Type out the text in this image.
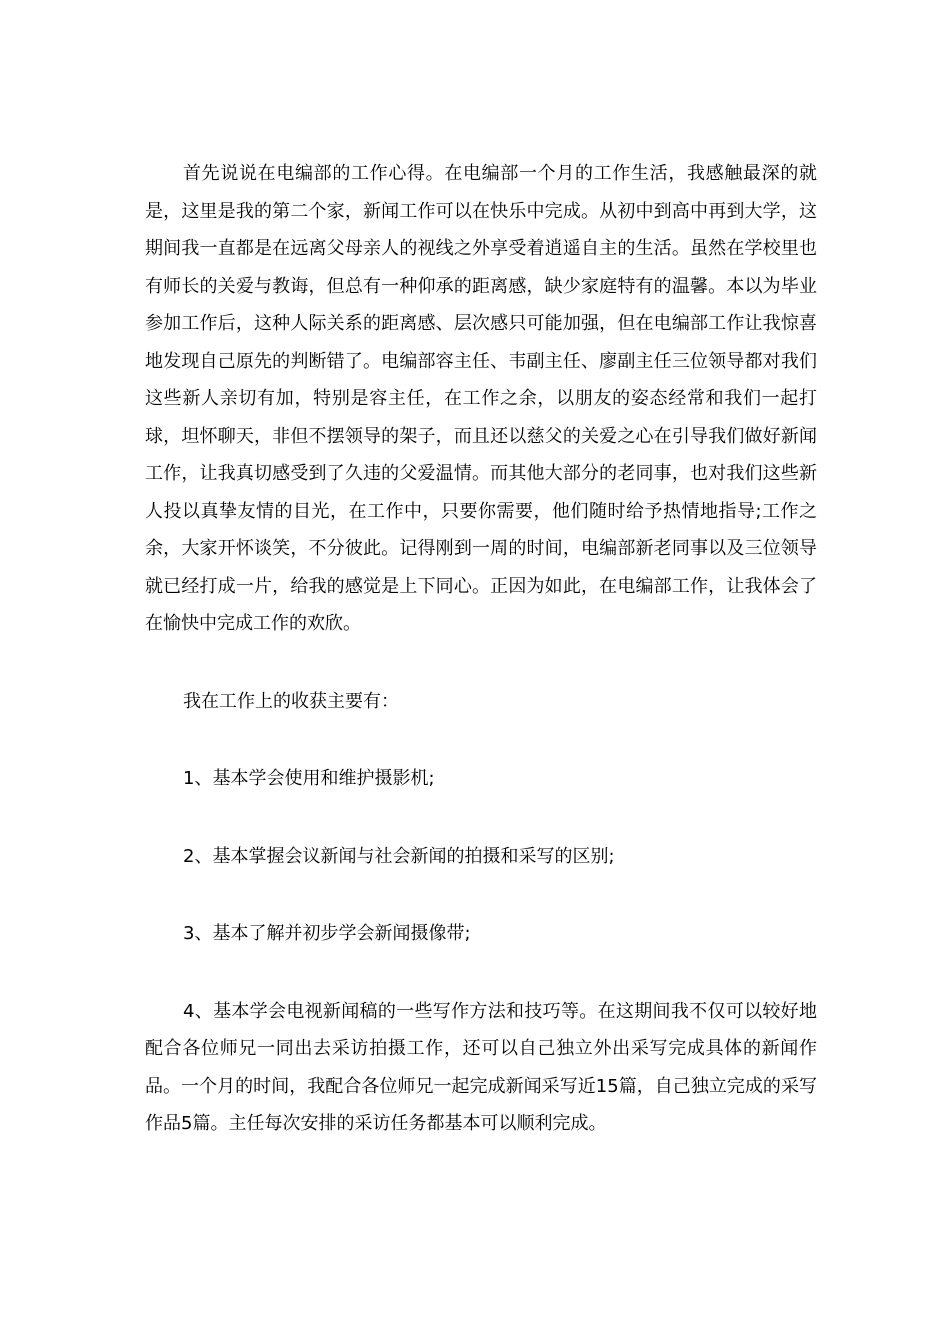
首先说说在电编部的工作心得。在电编部一个月的工作生活，我感触最深的就是，这里是我的第二个家，新闻工作可以在快乐中完成。从初中到高中再到大学，这期间我一直都是在远离父母亲人的视线之外享受着逍遥自主的生活。虽然在学校里也有师长的关爱与教诲，但总有一种仰承的距离感，缺少家庭特有的温馨。本以为毕业参加工作后，这种人际关系的距离感、层次感只可能加强，但在电编部工作让我惊喜地发现自己原先的判断错了。电编部容主任、韦副主任、廖副主任三位领导都对我们这些新人亲切有加，特别是容主任，在工作之余，以朋友的姿态经常和我们一起打球，坦怀聊天，非但不摆领导的架子，而且还以慈父的关爱之心在引导我们做好新闻工作，让我真切感受到了久违的父爱温情。而其他大部分的老同事，也对我们这些新人投以真挚友情的目光，在工作中，只要你需要，他们随时给予热情地指导;工作之余，大家开怀谈笑，不分彼此。记得刚到一周的时间，电编部新老同事以及三位领导就已经打成一片，给我的感觉是上下同心。正因为如此，在电编部工作，让我体会了在愉快中完成工作的欢欣。

我在工作上的收获主要有：

1、基本学会使用和维护摄影机;

2、基本掌握会议新闻与社会新闻的拍摄和采写的区别;

3、基本了解并初步学会新闻摄像带;

4、基本学会电视新闻稿的一些写作方法和技巧等。在这期间我不仅可以较好地配合各位师兄一同出去采访拍摄工作，还可以自己独立外出采写完成具体的新闻作品。一个月的时间，我配合各位师兄一起完成新闻采写近15篇，自己独立完成的采写作品5篇。主任每次安排的采访任务都基本可以顺利完成。
